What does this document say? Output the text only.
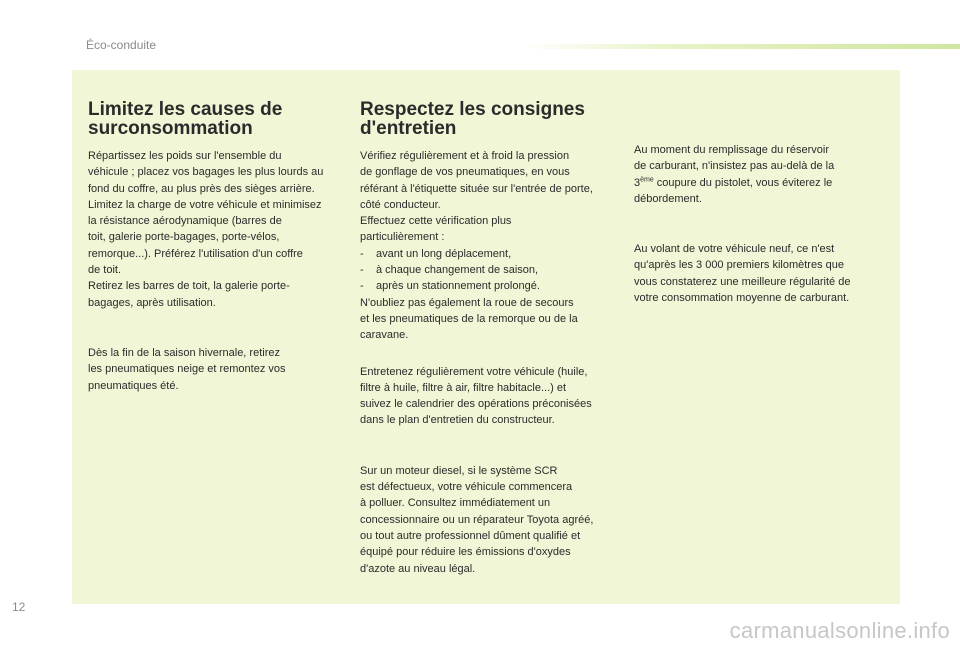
Éco-conduite
Limitez les causes de
surconsommation

Répartissez les poids sur l'ensemble du
véhicule ; placez vos bagages les plus lourds au
fond du coffre, au plus près des sièges arrière.
Limitez la charge de votre véhicule et minimisez
la résistance aérodynamique (barres de
toit, galerie porte-bagages, porte-vélos,
remorque...). Préférez l'utilisation d'un coffre
de toit.
Retirez les barres de toit, la galerie porte-
bagages, après utilisation.

Dès la fin de la saison hivernale, retirez
les pneumatiques neige et remontez vos
pneumatiques été.

Respectez les consignes
d'entretien

Vérifiez régulièrement et à froid la pression
de gonflage de vos pneumatiques, en vous
référant à l'étiquette située sur l'entrée de porte,
côté conducteur.
Effectuez cette vérification plus
particulièrement :

-	avant un long déplacement,
-	à chaque changement de saison,
-	après un stationnement prolongé.

N'oubliez pas également la roue de secours
et les pneumatiques de la remorque ou de la
caravane.

Entretenez régulièrement votre véhicule (huile,
filtre à huile, filtre à air, filtre habitacle...) et
suivez le calendrier des opérations préconisées
dans le plan d'entretien du constructeur.

Sur un moteur diesel, si le système SCR
est défectueux, votre véhicule commencera
à polluer. Consultez immédiatement un
concessionnaire ou un réparateur Toyota agréé,
ou tout autre professionnel dûment qualifié et
équipé pour réduire les émissions d'oxydes
d'azote au niveau légal.

Au moment du remplissage du réservoir
de carburant, n'insistez pas au-delà de la
3ème coupure du pistolet, vous éviterez le
débordement.

Au volant de votre véhicule neuf, ce n'est
qu'après les 3 000 premiers kilomètres que
vous constaterez une meilleure régularité de
votre consommation moyenne de carburant.

12
carmanualsonline.info
